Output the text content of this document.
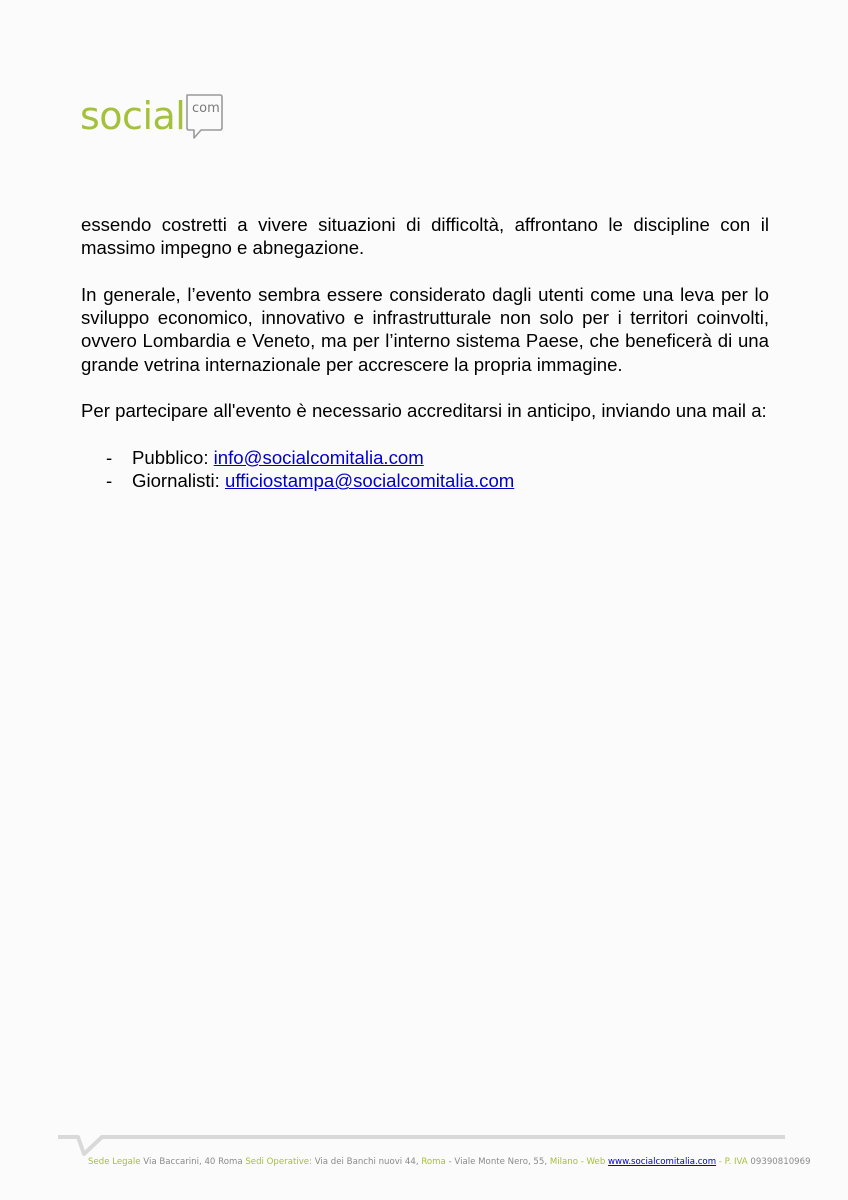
social com

essendo costretti a vivere situazioni di difficoltà, affrontano le discipline con il massimo impegno e abnegazione.

In generale, l’evento sembra essere considerato dagli utenti come una leva per lo sviluppo economico, innovativo e infrastrutturale non solo per i territori coinvolti, ovvero Lombardia e Veneto, ma per l’interno sistema Paese, che beneficerà di una grande vetrina internazionale per accrescere la propria immagine.

Per partecipare all'evento è necessario accreditarsi in anticipo, inviando una mail a:

- Pubblico: info@socialcomitalia.com
- Giornalisti: ufficiostampa@socialcomitalia.com
Sede Legale Via Baccarini, 40 Roma Sedi Operative: Via dei Banchi nuovi 44, Roma - Viale Monte Nero, 55, Milano - Web www.socialcomitalia.com - P. IVA 09390810969
